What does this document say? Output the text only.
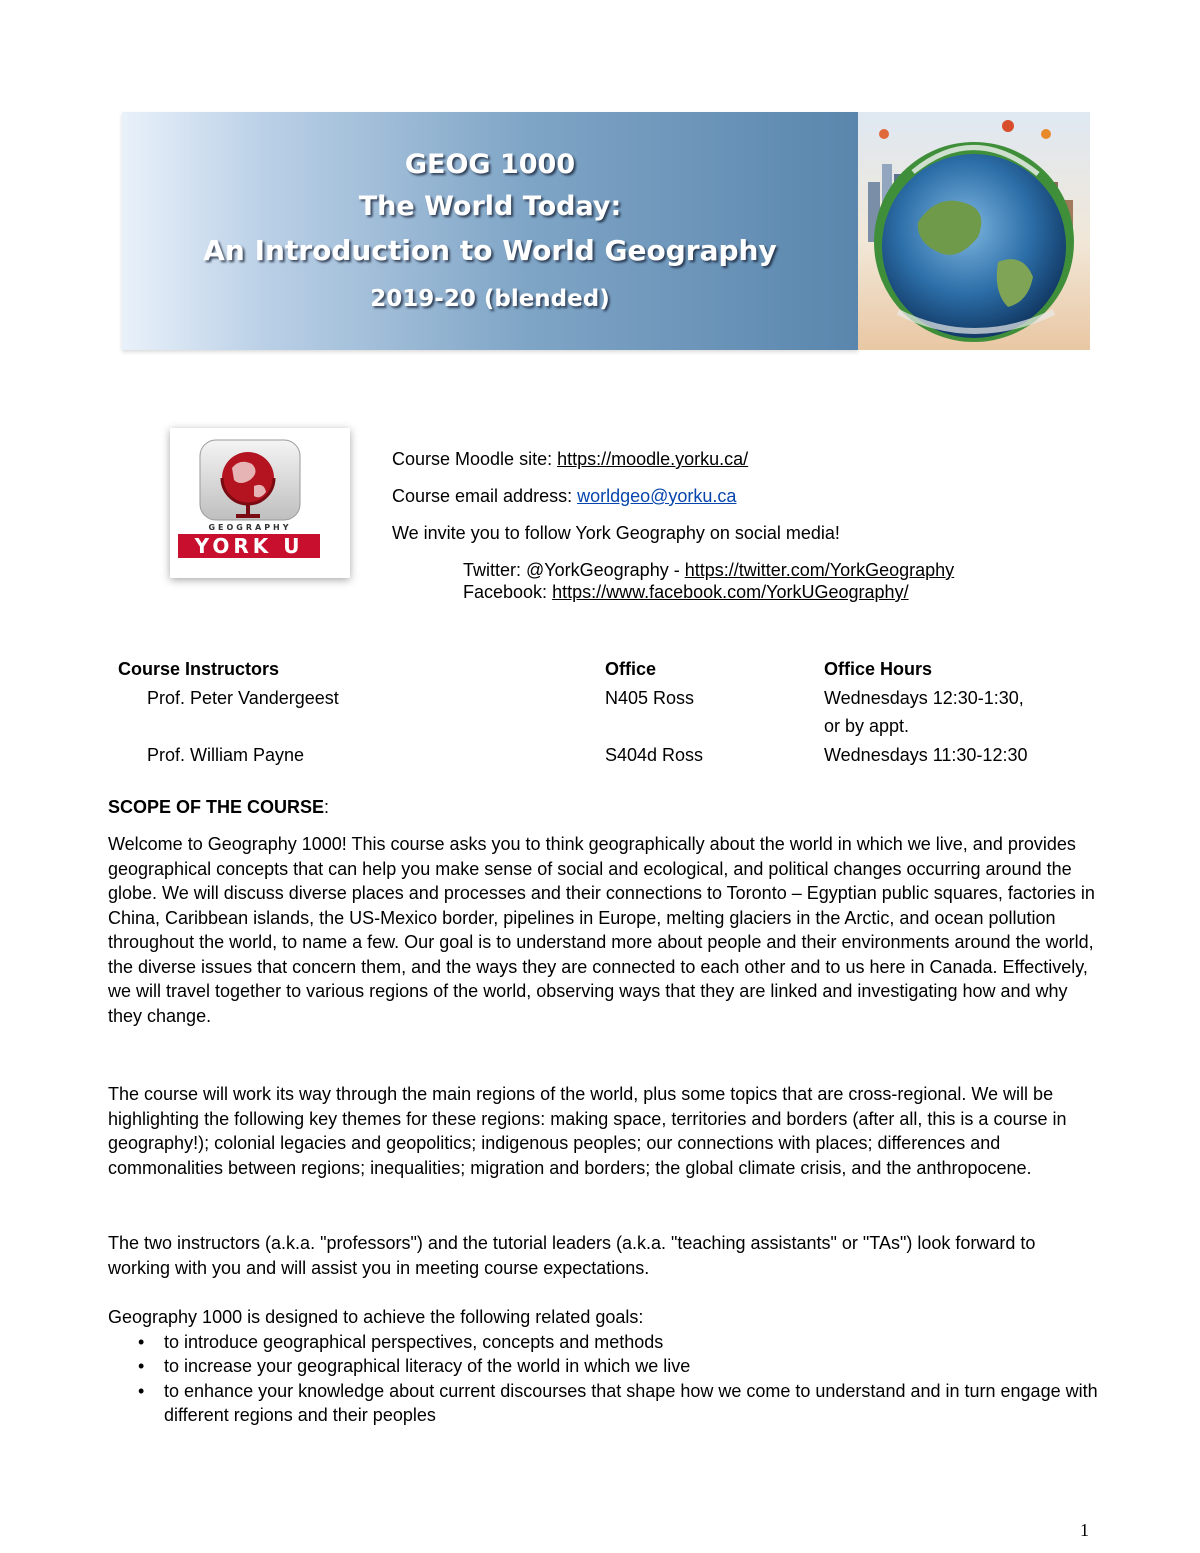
GEOG 1000
The World Today:
An Introduction to World Geography
2019-20 (blended)
GEOGRAPHY
YORK U
Course Moodle site: https://moodle.yorku.ca/
Course email address: worldgeo@yorku.ca
We invite you to follow York Geography on social media!
Twitter: @YorkGeography - https://twitter.com/YorkGeography
Facebook: https://www.facebook.com/YorkUGeography/
Course Instructors	Office	Office Hours
Prof. Peter Vandergeest	N405 Ross	Wednesdays 12:30-1:30,
or by appt.
Prof. William Payne	S404d Ross	Wednesdays 11:30-12:30
SCOPE OF THE COURSE:
Welcome to Geography 1000! This course asks you to think geographically about the world in which we live, and provides geographical concepts that can help you make sense of social and ecological, and political changes occurring around the globe. We will discuss diverse places and processes and their connections to Toronto – Egyptian public squares, factories in China, Caribbean islands, the US-Mexico border, pipelines in Europe, melting glaciers in the Arctic, and ocean pollution throughout the world, to name a few. Our goal is to understand more about people and their environments around the world, the diverse issues that concern them, and the ways they are connected to each other and to us here in Canada. Effectively, we will travel together to various regions of the world, observing ways that they are linked and investigating how and why they change.
The course will work its way through the main regions of the world, plus some topics that are cross-regional. We will be highlighting the following key themes for these regions: making space, territories and borders (after all, this is a course in geography!); colonial legacies and geopolitics; indigenous peoples; our connections with places; differences and commonalities between regions; inequalities; migration and borders; the global climate crisis, and the anthropocene.
The two instructors (a.k.a. "professors") and the tutorial leaders (a.k.a. "teaching assistants" or "TAs") look forward to working with you and will assist you in meeting course expectations.
Geography 1000 is designed to achieve the following related goals:
• to introduce geographical perspectives, concepts and methods
• to increase your geographical literacy of the world in which we live
• to enhance your knowledge about current discourses that shape how we come to understand and in turn engage with different regions and their peoples
1
